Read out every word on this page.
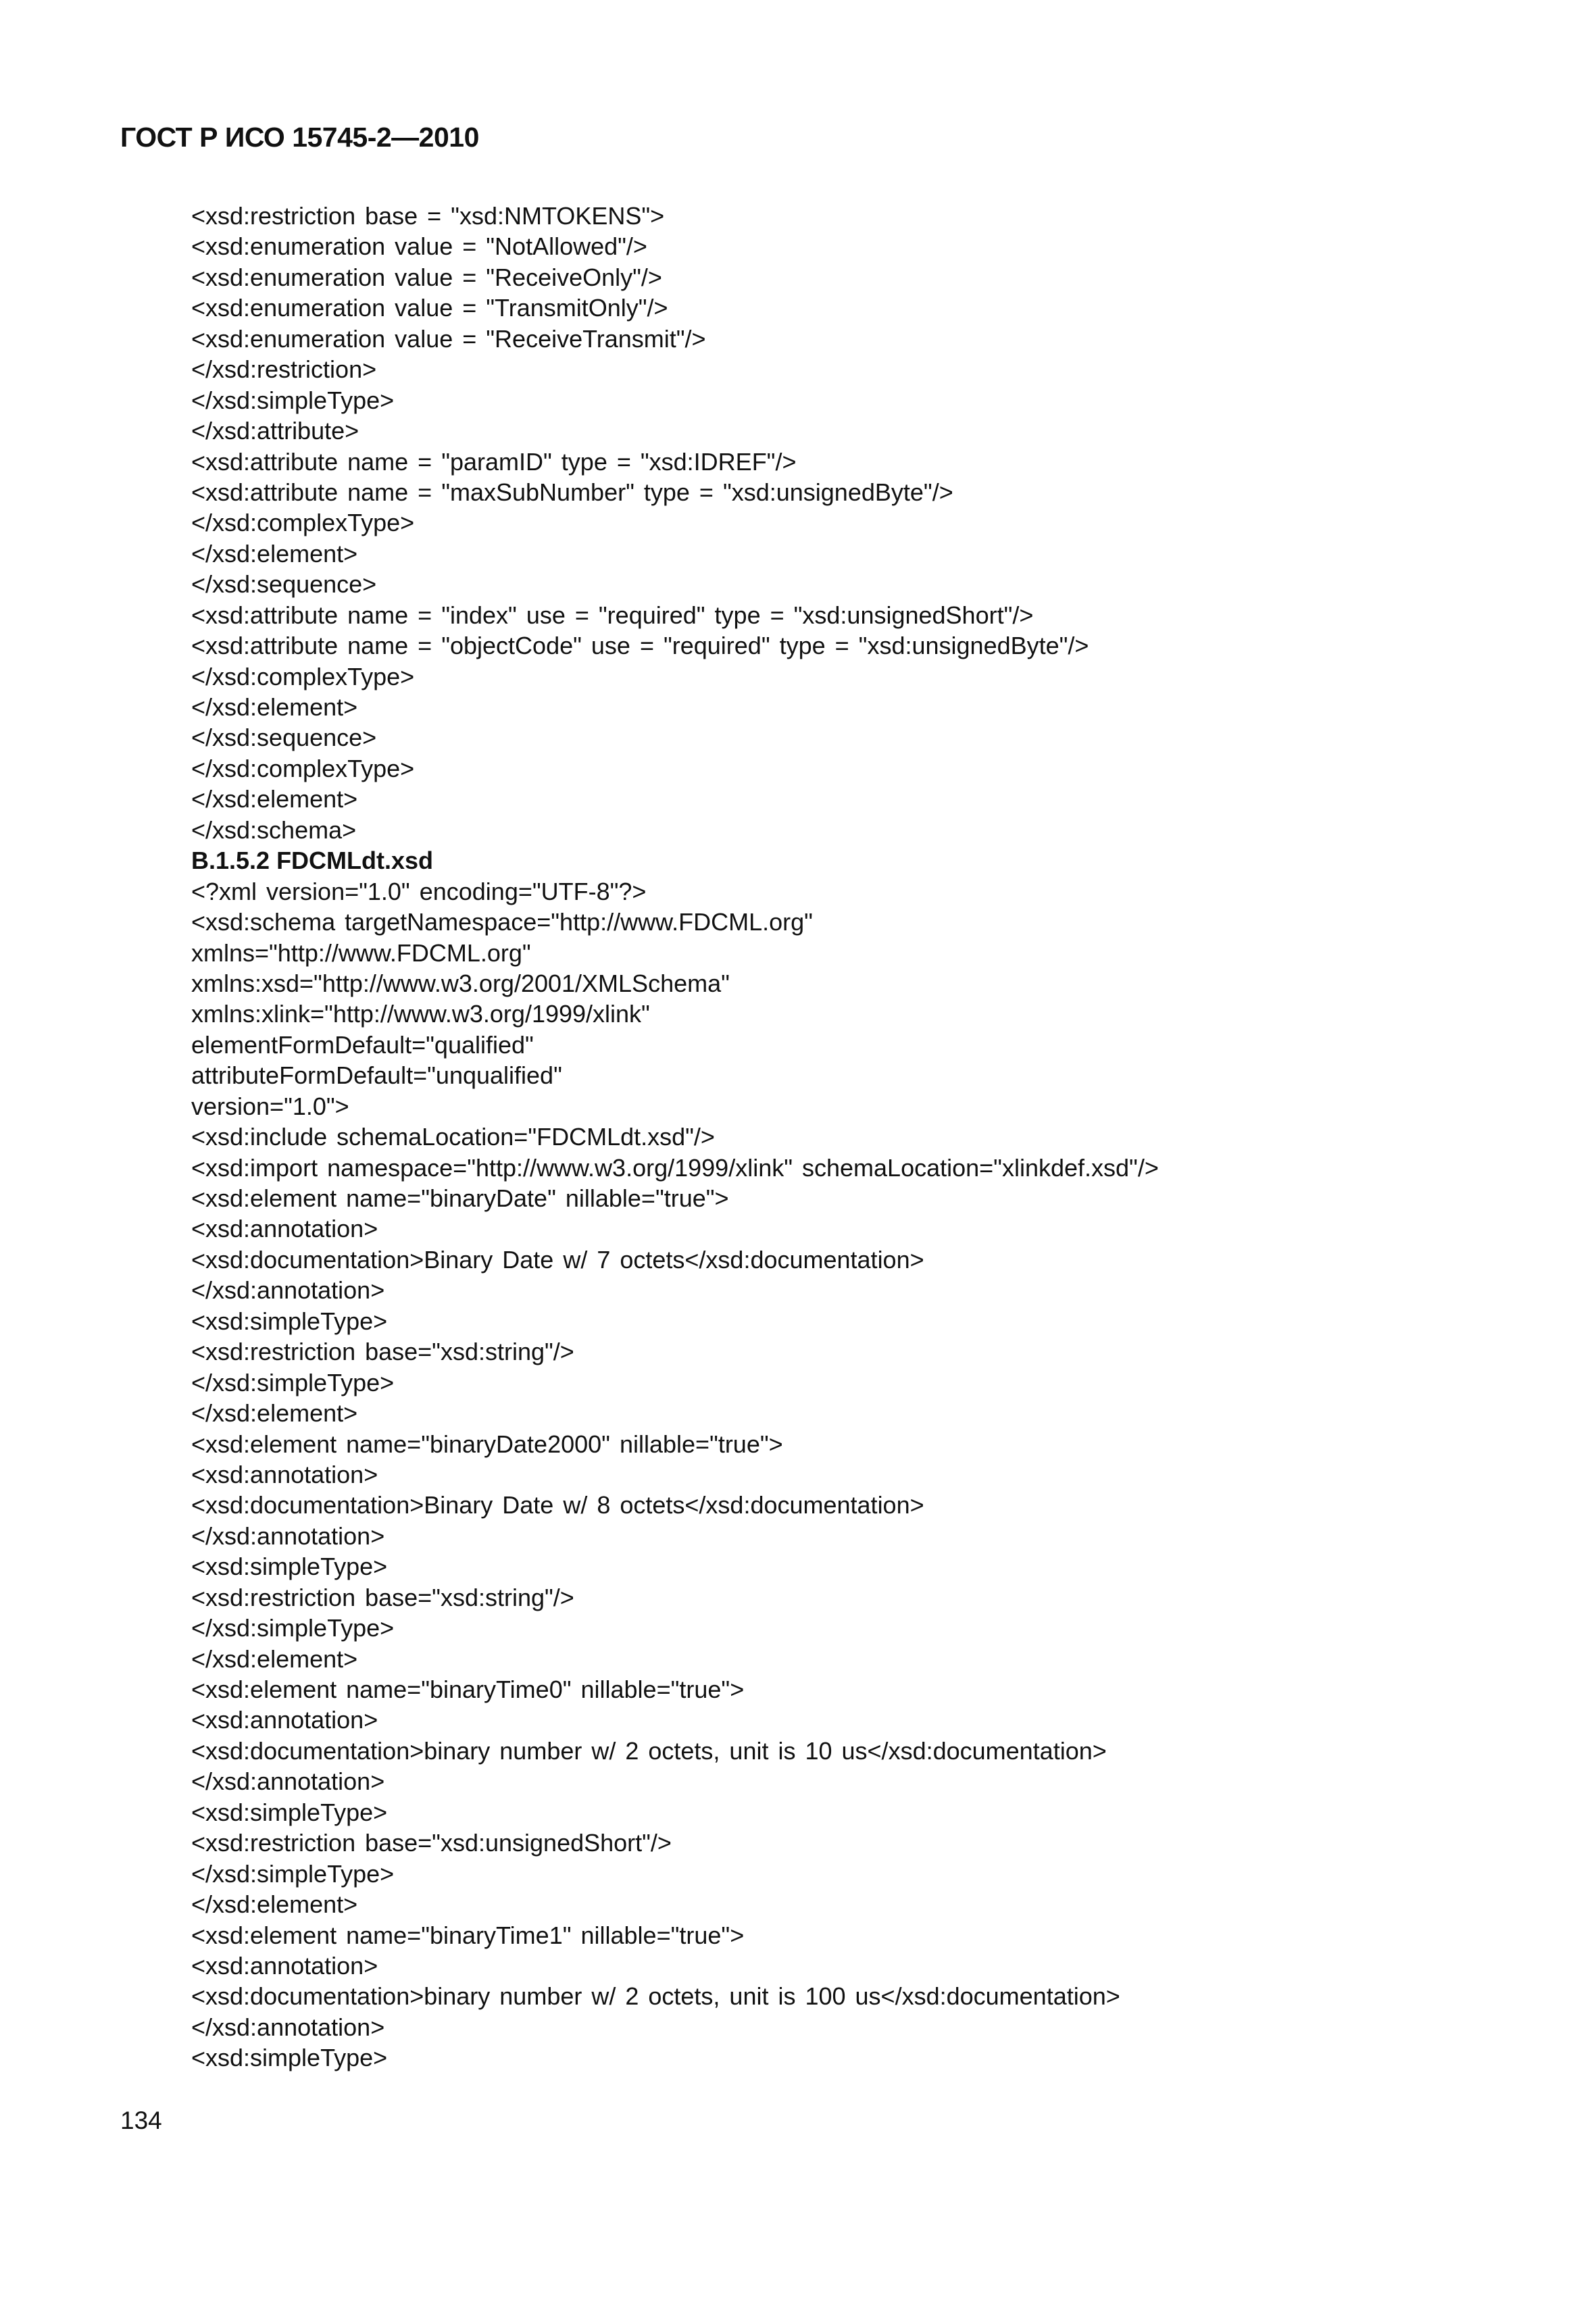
ГОСТ Р ИСО 15745-2—2010
<xsd:restriction base = "xsd:NMTOKENS">
<xsd:enumeration value = "NotAllowed"/>
<xsd:enumeration value = "ReceiveOnly"/>
<xsd:enumeration value = "TransmitOnly"/>
<xsd:enumeration value = "ReceiveTransmit"/>
</xsd:restriction>
</xsd:simpleType>
</xsd:attribute>
<xsd:attribute name = "paramID" type = "xsd:IDREF"/>
<xsd:attribute name = "maxSubNumber" type = "xsd:unsignedByte"/>
</xsd:complexType>
</xsd:element>
</xsd:sequence>
<xsd:attribute name = "index" use = "required" type = "xsd:unsignedShort"/>
<xsd:attribute name = "objectCode" use = "required" type = "xsd:unsignedByte"/>
</xsd:complexType>
</xsd:element>
</xsd:sequence>
</xsd:complexType>
</xsd:element>
</xsd:schema>
B.1.5.2 FDCMLdt.xsd
<?xml version="1.0" encoding="UTF-8"?>
<xsd:schema targetNamespace="http://www.FDCML.org"
xmlns="http://www.FDCML.org"
xmlns:xsd="http://www.w3.org/2001/XMLSchema"
xmlns:xlink="http://www.w3.org/1999/xlink"
elementFormDefault="qualified"
attributeFormDefault="unqualified"
version="1.0">
<xsd:include schemaLocation="FDCMLdt.xsd"/>
<xsd:import namespace="http://www.w3.org/1999/xlink" schemaLocation="xlinkdef.xsd"/>
<xsd:element name="binaryDate" nillable="true">
<xsd:annotation>
<xsd:documentation>Binary Date w/ 7 octets</xsd:documentation>
</xsd:annotation>
<xsd:simpleType>
<xsd:restriction base="xsd:string"/>
</xsd:simpleType>
</xsd:element>
<xsd:element name="binaryDate2000" nillable="true">
<xsd:annotation>
<xsd:documentation>Binary Date w/ 8 octets</xsd:documentation>
</xsd:annotation>
<xsd:simpleType>
<xsd:restriction base="xsd:string"/>
</xsd:simpleType>
</xsd:element>
<xsd:element name="binaryTime0" nillable="true">
<xsd:annotation>
<xsd:documentation>binary number w/ 2 octets, unit is 10 us</xsd:documentation>
</xsd:annotation>
<xsd:simpleType>
<xsd:restriction base="xsd:unsignedShort"/>
</xsd:simpleType>
</xsd:element>
<xsd:element name="binaryTime1" nillable="true">
<xsd:annotation>
<xsd:documentation>binary number w/ 2 octets, unit is 100 us</xsd:documentation>
</xsd:annotation>
<xsd:simpleType>
134
